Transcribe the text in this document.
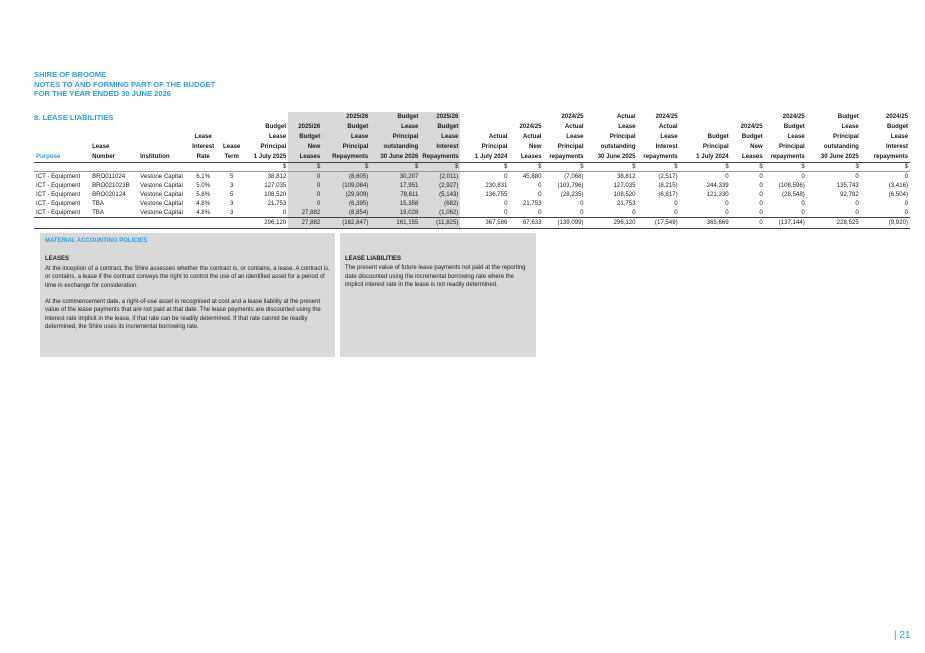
SHIRE OF BROOME
NOTES TO AND FORMING PART OF THE BUDGET
FOR THE YEAR ENDED 30 JUNE 2026
8. LEASE LIABILITIES
								2025/26	Budget	2025/26			2024/25	Actual	2024/25			2024/25	Budget	2024/25
					Budget	2025/26	Budget	Lease	Budget		2024/25	Actual	Lease	Actual		2024/25	Budget	Lease	Budget
			Lease		Lease	Budget	Lease	Principal	Lease	Actual	Actual	Lease	Principal	Lease	Budget	Budget	Lease	Principal	Lease
	Lease		Interest	Lease	Principal	New	Principal	outstanding	Interest	Principal	New	Principal	outstanding	Interest	Principal	New	Principal	outstanding	Interest
Purpose	Number	Institution	Rate	Term	1 July 2025	Leases	Repayments	30 June 2026	Repayments	1 July 2024	Leases	repayments	30 June 2025	repayments	1 July 2024	Leases	repayments	30 June 2025	repayments
					$	$	$	$	$	$	$	$	$	$	$	$	$	$	$
ICT - Equipment	BRO011024	Vestone Capital	6.1%	5	38,812	0	(8,605)	30,207	(2,011)	0	45,880	(7,068)	38,812	(2,517)	0	0	0	0	0
ICT - Equipment	BRO021023B	Vestone Capital	5.0%	3	127,035	0	(109,084)	17,951	(2,927)	230,831	0	(103,796)	127,035	(8,215)	244,339	0	(108,596)	135,743	(3,416)
ICT - Equipment	BRO020124	Vestone Capital	5.8%	5	108,520	0	(29,909)	78,611	(5,143)	136,755	0	(28,235)	108,520	(6,817)	121,330	0	(28,548)	92,782	(6,504)
ICT - Equipment	TBA	Vestone Capital	4.8%	3	21,753	0	(6,395)	15,358	(682)	0	21,753	0	21,753	0	0	0	0	0	0
ICT - Equipment	TBA	Vestone Capital	4.8%	3	0	27,882	(8,854)	19,028	(1,062)	0	0	0	0	0	0	0	0	0	0
					296,120	27,882	(162,847)	161,155	(11,825)	367,586	67,633	(139,099)	296,120	(17,549)	365,669	0	(137,144)	228,525	(9,920)
MATERIAL ACCOUNTING POLICIES
LEASES

At the inception of a contract, the Shire assesses whether the contract is, or contains, a lease. A contract is, or contains, a lease if the contract conveys the right to control the use of an identified asset for a period of time in exchange for consideration.

At the commencement date, a right-of-use asset is recognised at cost and a lease liability at the present value of the lease payments that are not paid at that date. The lease payments are discounted using the interest rate implicit in the lease, if that rate can be readily determined. If that rate cannot be readily determined, the Shire uses its incremental borrowing rate.

LEASE LIABILITIES

The present value of future lease payments not paid at the reporting date discounted using the incremental borrowing rate where the implicit interest rate in the lease is not readily determined.

| 21
